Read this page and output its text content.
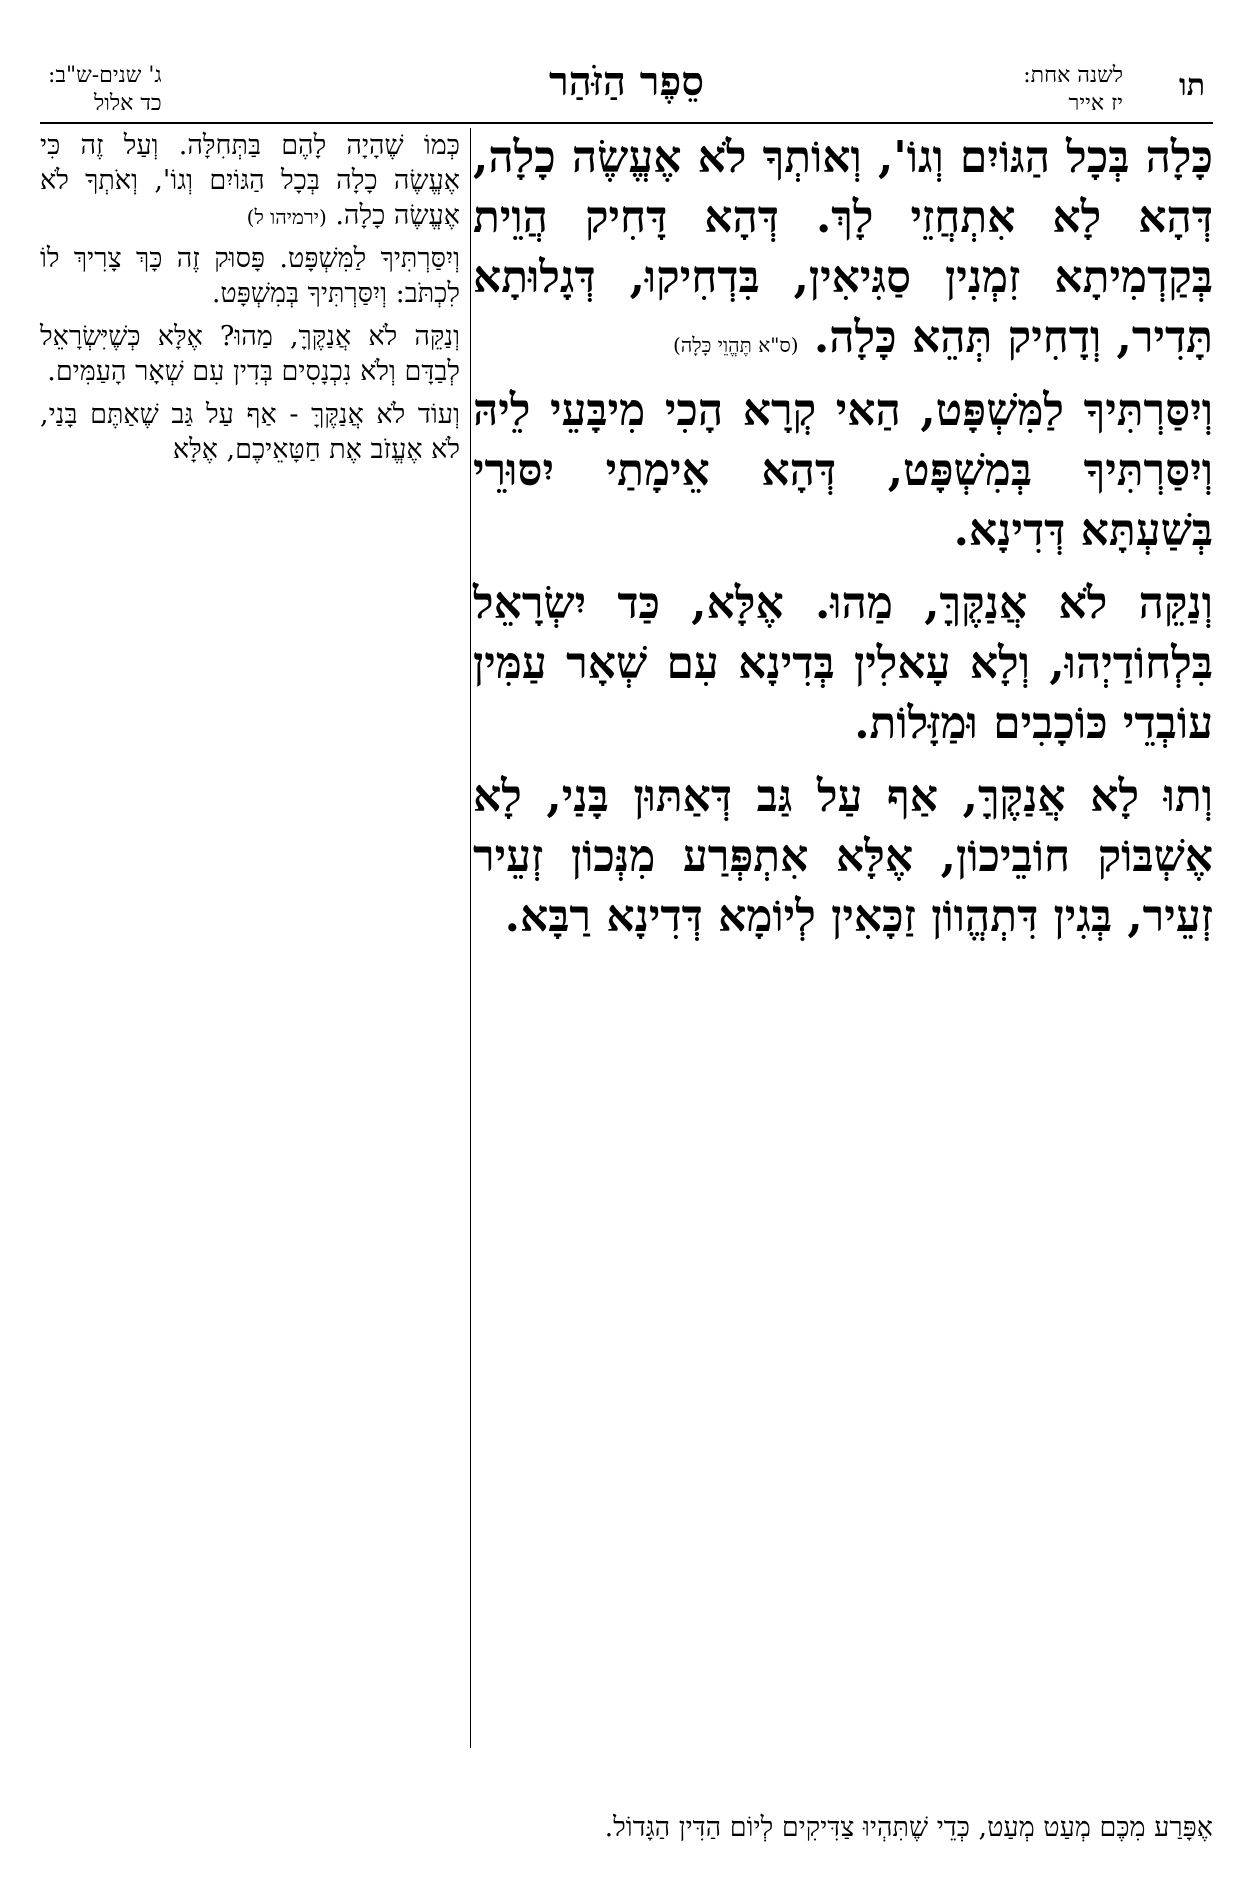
תו
לשנה אחת:
יז אייר
סֵפֶר הַזֹּהַר
ג' שנים-ש"ב:
כד אלול

כָּלָה בְּכָל הַגּוֹיִם וְגוֹ', וְאוֹתְךָ לֹא אֶעֱשֶׂה כָלָה, דְּהָא לָא אִתְחֲזֵי לָךְ. דְּהָא דָּחִיק הֲוֵית בְּקַדְמִיתָא זִמְנִין סַגִּיאִין, בִּדְחִיקוּ, דְּגָלוּתָא תָּדִיר, וְדָחִיק תְּהֵא כָּלָה. (ס"א תֶּהֱוֵי כָּלָה)

וְיִסַּרְתִּיךָ לַמִּשְׁפָּט, הַאי קְרָא הָכִי מִיבָּעֵי לֵיהּ וְיִסַּרְתִּיךָ בְּמִשְׁפָּט, דְּהָא אֵימָתַי יִסּוּרֵי בְּשַׁעְתָּא דְּדִינָא.

וְנַקֵּה לֹא אֲנַקֶּךָּ, מַהוּ. אֶלָּא, כַּד יִשְׂרָאֵל בִּלְחוֹדַיְהוּ, וְלָא עָאלִין בְּדִינָא עִם שְׁאָר עַמִּין עוֹבְדֵי כּוֹכָבִים וּמַזָּלוֹת.

וְתוּ לָא אֲנַקֶּךָּ, אַף עַל גַּב דְּאַתּוּן בָּנַי, לָא אֶשְׁבּוֹק חוֹבֵיכוֹן, אֶלָּא אִתְפְּרַע מִנְּכוֹן זְעֵיר זְעֵיר, בְּגִין דִּתְהֱווֹן זַכָּאִין לְיוֹמָא דְּדִינָא רַבָּא.

כְּמוֹ שֶׁהָיָה לָהֶם בַּתְּחִלָּה. וְעַל זֶה כִּי אֶעֱשֶׂה כָלָה בְּכָל הַגּוֹיִם וְגוֹ', וְאֹתְךָ לֹא אֶעֱשֶׂה כָלָה. (ירמיהו ל)

וְיִסַּרְתִּיךָ לַמִּשְׁפָּט. פָּסוּק זֶה כָּךְ צָרִיךְ לוֹ לִכְתֹּב: וְיִסַּרְתִּיךָ בְּמִשְׁפָּט.

וְנַקֵּה לֹא אֲנַקֶּךָּ, מַהוּ? אֶלָּא כְּשֶׁיִּשְׂרָאֵל לְבַדָּם וְלֹא נִכְנָסִים בְּדִין עִם שְׁאָר הָעַמִּים.

וְעוֹד לֹא אֲנַקֶּךָּ - אַף עַל גַּב שֶׁאַתֶּם בָּנַי, לֹא אֶעֱזֹב אֶת חַטָּאֵיכֶם, אֶלָּא

אֶפָּרַע מִכֶּם מְעַט מְעַט, כְּדֵי שֶׁתִּהְיוּ צַדִּיקִים לְיוֹם הַדִּין הַגָּדוֹל.
